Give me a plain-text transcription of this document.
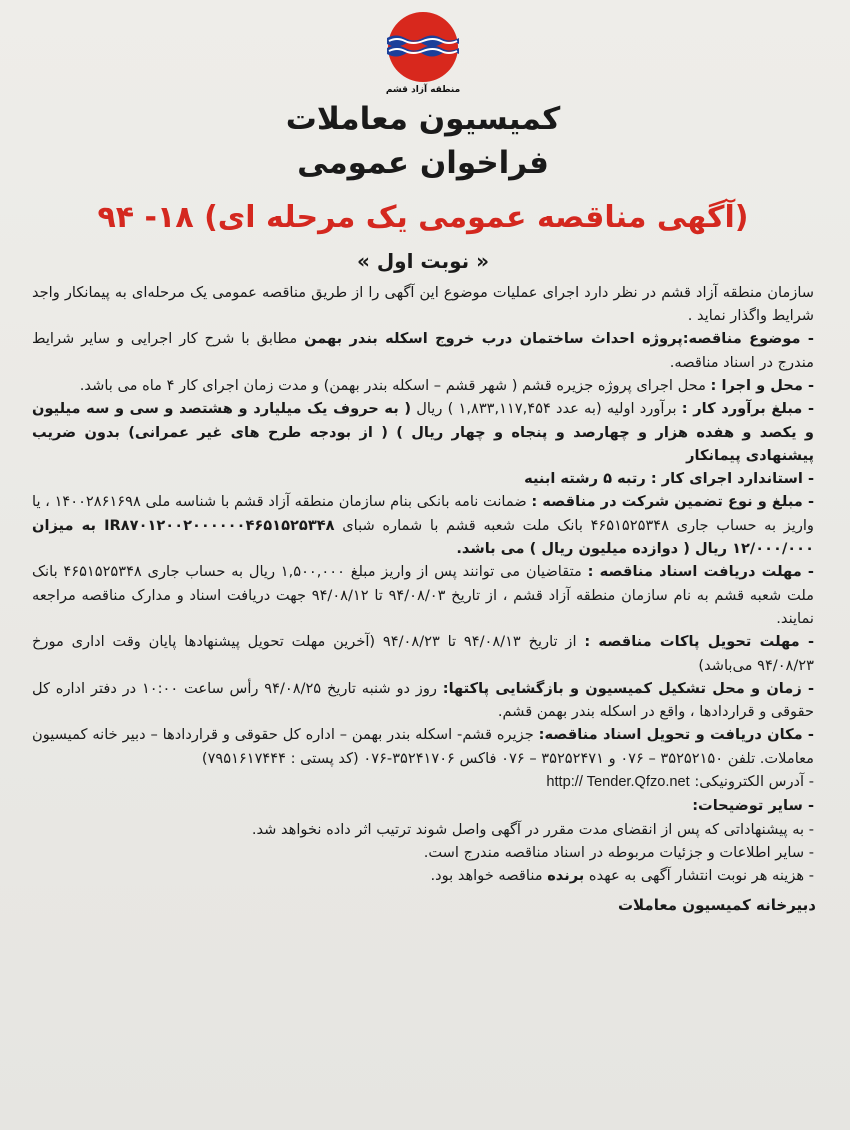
منطقه آزاد قشم
کمیسیون معاملات
فراخوان عمومی
(آگهی مناقصه عمومی یک مرحله ای) ۱۸- ۹۴
« نوبت اول »

سازمان منطقه آزاد قشم در نظر دارد اجرای عملیات موضوع این آگهی را از طریق مناقصه عمومی یک مرحله‌ای به پیمانکار واجد شرایط واگذار نماید .

- موضوع مناقصه:پروژه احداث ساختمان درب خروج اسکله بندر بهمن مطابق با شرح کار اجرایی و سایر شرایط مندرج در اسناد مناقصه.

- محل و اجرا : محل اجرای پروژه جزیره قشم ( شهر قشم – اسکله بندر بهمن) و مدت زمان اجرای کار ۴ ماه می باشد.

- مبلغ برآورد کار : برآورد اولیه (به عدد ۱,۸۳۳,۱۱۷,۴۵۴ ) ریال ( به حروف یک میلیارد و هشتصد و سی و سه میلیون و یکصد و هفده هزار و چهارصد و پنجاه و چهار ریال ) ( از بودجه طرح های غیر عمرانی) بدون ضریب پیشنهادی پیمانکار

- استاندارد اجرای کار : رتبه ۵ رشته ابنیه

- مبلغ و نوع تضمین شرکت در مناقصه : ضمانت نامه بانکی بنام سازمان منطقه آزاد قشم با شناسه ملی ۱۴۰۰۲۸۶۱۶۹۸ ، یا واریز به حساب جاری ۴۶۵۱۵۲۵۳۴۸ بانک ملت شعبه قشم با شماره شبای IR۸۷۰۱۲۰۰۲۰۰۰۰۰۰۴۶۵۱۵۲۵۳۴۸ به میزان ۱۲/۰۰۰/۰۰۰ ریال ( دوازده میلیون ریال ) می باشد.

- مهلت دریافت اسناد مناقصه : متقاضیان می توانند پس از واریز مبلغ ۱,۵۰۰,۰۰۰ ریال به حساب جاری ۴۶۵۱۵۲۵۳۴۸ بانک ملت شعبه قشم به نام سازمان منطقه آزاد قشم ، از تاریخ ۹۴/۰۸/۰۳ تا ۹۴/۰۸/۱۲ جهت دریافت اسناد و مدارک مناقصه مراجعه نمایند.

- مهلت تحویل پاکات مناقصه : از تاریخ ۹۴/۰۸/۱۳ تا ۹۴/۰۸/۲۳ (آخرین مهلت تحویل پیشنهادها پایان وقت اداری مورخ ۹۴/۰۸/۲۳ می‌باشد)

- زمان و محل تشکیل کمیسیون و بازگشایی پاکتها: روز دو شنبه تاریخ ۹۴/۰۸/۲۵ رأس ساعت ۱۰:۰۰ در دفتر اداره کل حقوقی و قراردادها ، واقع در اسکله بندر بهمن قشم.

- مکان دریافت و تحویل اسناد مناقصه: جزیره قشم- اسکله بندر بهمن – اداره کل حقوقی و قراردادها – دبیر خانه کمیسیون معاملات. تلفن ۳۵۲۵۲۱۵۰ – ۰۷۶ و ۳۵۲۵۲۴۷۱ – ۰۷۶ فاکس ۳۵۲۴۱۷۰۶-۰۷۶ (کد پستی : ۷۹۵۱۶۱۷۴۴۴)

- آدرس الکترونیکی: http:// Tender.Qfzo.net

- سایر توضیحات:

- به پیشنهاداتی که پس از انقضای مدت مقرر در آگهی واصل شوند ترتیب اثر داده نخواهد شد.

- سایر اطلاعات و جزئیات مربوطه در اسناد مناقصه مندرج است.

- هزینه هر نوبت انتشار آگهی به عهده برنده مناقصه خواهد بود.

دبیرخانه کمیسیون معاملات
